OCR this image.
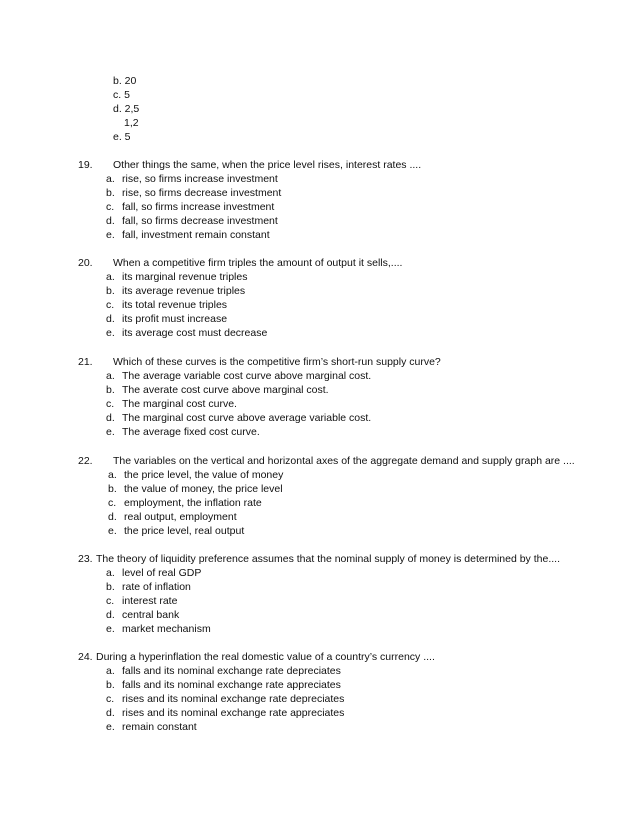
b. 20
c. 5
d. 2,5
1,2
e. 5
19. Other things the same, when the price level rises, interest rates ....
a. rise, so firms increase investment
b. rise, so firms decrease investment
c. fall, so firms increase investment
d. fall, so firms decrease investment
e. fall, investment remain constant
20. When a competitive firm triples the amount of output it sells,....
a. its marginal revenue triples
b. its average revenue triples
c. its total revenue triples
d. its profit must increase
e. its average cost must decrease
21. Which of these curves is the competitive firm’s short-run supply curve?
a. The average variable cost curve above marginal cost.
b. The averate cost curve above marginal cost.
c. The marginal cost curve.
d. The marginal cost curve above average variable cost.
e. The average fixed cost curve.
22. The variables on the vertical and horizontal axes of the aggregate demand and supply graph are ....
a. the price level, the value of money
b. the value of money, the price level
c. employment, the inflation rate
d. real output, employment
e. the price level, real output
23. The theory of liquidity preference assumes that the nominal supply of money is determined by the....
a. level of real GDP
b. rate of inflation
c. interest rate
d. central bank
e. market mechanism
24. During a hyperinflation the real domestic value of a country’s currency ....
a. falls and its nominal exchange rate depreciates
b. falls and its nominal exchange rate appreciates
c. rises and its nominal exchange rate depreciates
d. rises and its nominal exchange rate appreciates
e. remain constant
